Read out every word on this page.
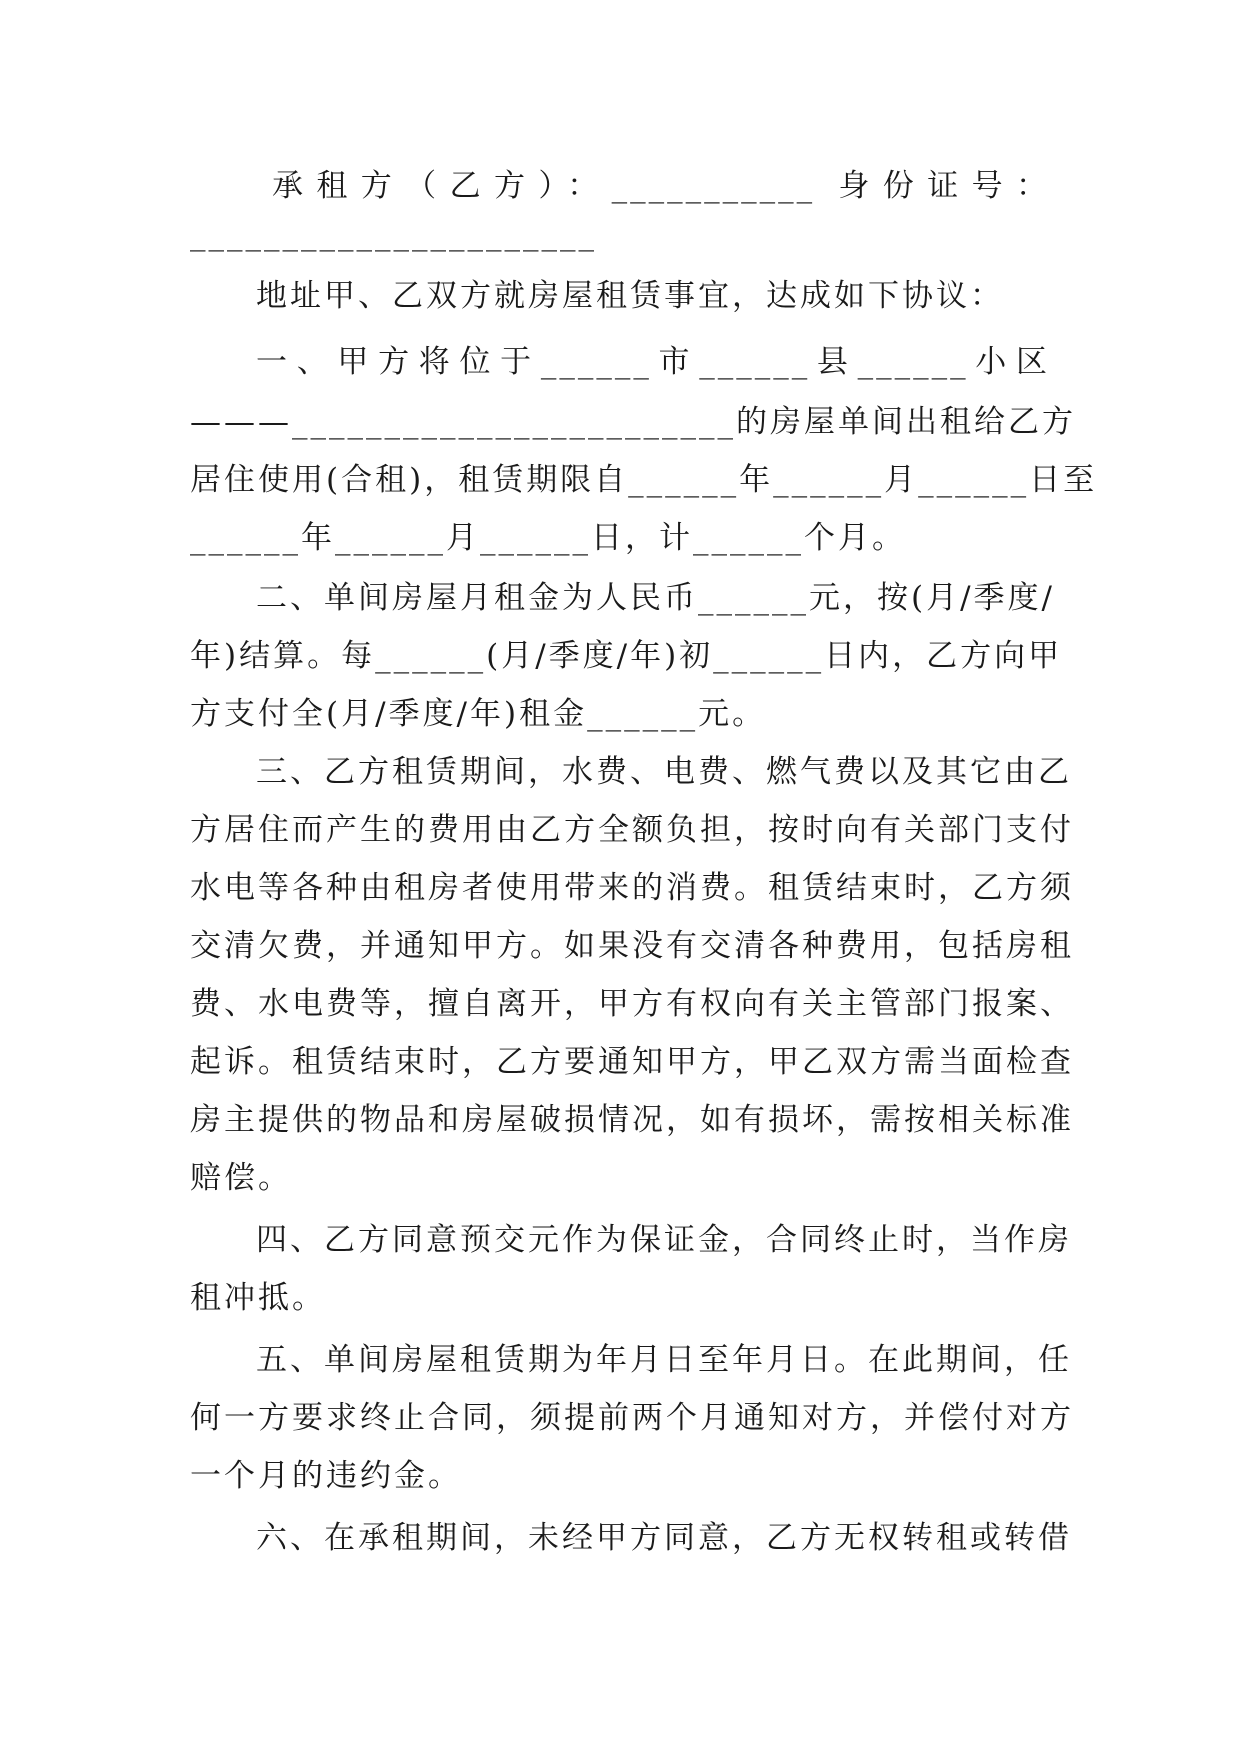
承租方（乙方）：___________ 身份证号：
______________________
地址甲、乙双方就房屋租赁事宜，达成如下协议：
一、甲方将位于______市______县______小区
———________________________的房屋单间出租给乙方
居住使用(合租)，租赁期限自______年______月______日至
______年______月______日，计______个月。
二、单间房屋月租金为人民币______元，按(月/季度/
年)结算。每______(月/季度/年)初______日内，乙方向甲
方支付全(月/季度/年)租金______元。
三、乙方租赁期间，水费、电费、燃气费以及其它由乙
方居住而产生的费用由乙方全额负担，按时向有关部门支付
水电等各种由租房者使用带来的消费。租赁结束时，乙方须
交清欠费，并通知甲方。如果没有交清各种费用，包括房租
费、水电费等，擅自离开，甲方有权向有关主管部门报案、
起诉。租赁结束时，乙方要通知甲方，甲乙双方需当面检查
房主提供的物品和房屋破损情况，如有损坏，需按相关标准
赔偿。
四、乙方同意预交元作为保证金，合同终止时，当作房
租冲抵。
五、单间房屋租赁期为年月日至年月日。在此期间，任
何一方要求终止合同，须提前两个月通知对方，并偿付对方
一个月的违约金。
六、在承租期间，未经甲方同意，乙方无权转租或转借
